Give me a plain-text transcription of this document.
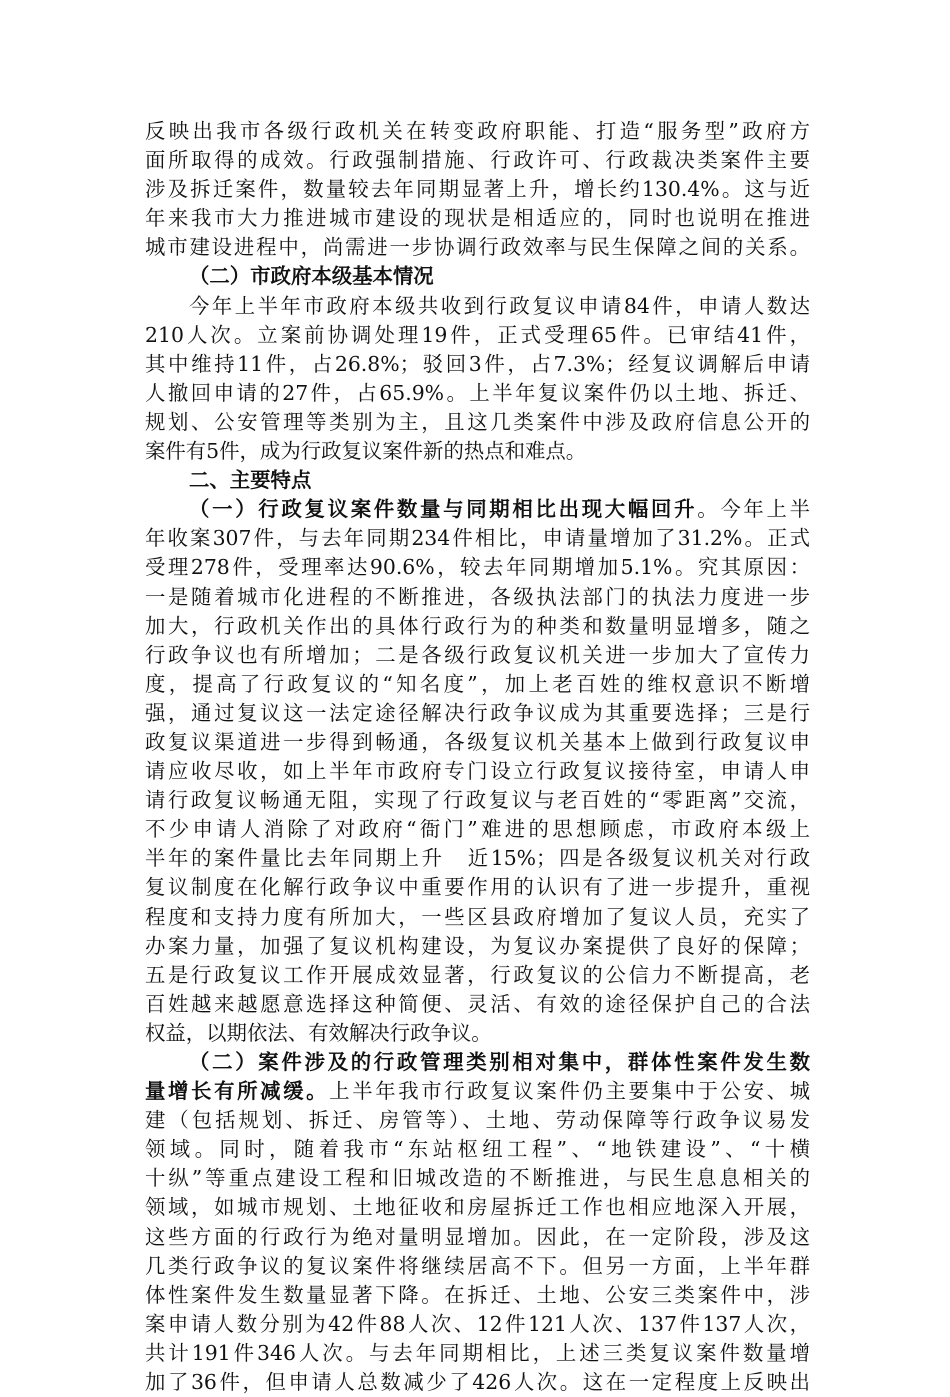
反映出我市各级行政机关在转变政府职能、打造“服务型”政府方
面所取得的成效。行政强制措施、行政许可、行政裁决类案件主要
涉及拆迁案件，数量较去年同期显著上升，增长约130.4%。这与近
年来我市大力推进城市建设的现状是相适应的，同时也说明在推进
城市建设进程中，尚需进一步协调行政效率与民生保障之间的关系。
（二）市政府本级基本情况
今年上半年市政府本级共收到行政复议申请84件，申请人数达
210人次。立案前协调处理19件，正式受理65件。已审结41件，
其中维持11件，占26.8%；驳回3件，占7.3%；经复议调解后申请
人撤回申请的27件，占65.9%。上半年复议案件仍以土地、拆迁、
规划、公安管理等类别为主，且这几类案件中涉及政府信息公开的
案件有5件，成为行政复议案件新的热点和难点。
二、主要特点
（一）行政复议案件数量与同期相比出现大幅回升。今年上半
年收案307件，与去年同期234件相比，申请量增加了31.2%。正式
受理278件，受理率达90.6%，较去年同期增加5.1%。究其原因：
一是随着城市化进程的不断推进，各级执法部门的执法力度进一步
加大，行政机关作出的具体行政行为的种类和数量明显增多，随之
行政争议也有所增加；二是各级行政复议机关进一步加大了宣传力
度，提高了行政复议的“知名度”，加上老百姓的维权意识不断增
强，通过复议这一法定途径解决行政争议成为其重要选择；三是行
政复议渠道进一步得到畅通，各级复议机关基本上做到行政复议申
请应收尽收，如上半年市政府专门设立行政复议接待室，申请人申
请行政复议畅通无阻，实现了行政复议与老百姓的“零距离”交流，
不少申请人消除了对政府“衙门”难进的思想顾虑，市政府本级上
半年的案件量比去年同期上升　近15%；四是各级复议机关对行政
复议制度在化解行政争议中重要作用的认识有了进一步提升，重视
程度和支持力度有所加大，一些区县政府增加了复议人员，充实了
办案力量，加强了复议机构建设，为复议办案提供了良好的保障；
五是行政复议工作开展成效显著，行政复议的公信力不断提高，老
百姓越来越愿意选择这种简便、灵活、有效的途径保护自己的合法
权益，以期依法、有效解决行政争议。
（二）案件涉及的行政管理类别相对集中，群体性案件发生数
量增长有所减缓。上半年我市行政复议案件仍主要集中于公安、城
建（包括规划、拆迁、房管等）、土地、劳动保障等行政争议易发
领域。同时，随着我市“东站枢纽工程”、“地铁建设”、“十横
十纵”等重点建设工程和旧城改造的不断推进，与民生息息相关的
领域，如城市规划、土地征收和房屋拆迁工作也相应地深入开展，
这些方面的行政行为绝对量明显增加。因此，在一定阶段，涉及这
几类行政争议的复议案件将继续居高不下。但另一方面，上半年群
体性案件发生数量显著下降。在拆迁、土地、公安三类案件中，涉
案申请人数分别为42件88人次、12件121人次、137件137人次，
共计191件346人次。与去年同期相比，上述三类复议案件数量增
加了36件，但申请人总数减少了426人次。这在一定程度上反映出
